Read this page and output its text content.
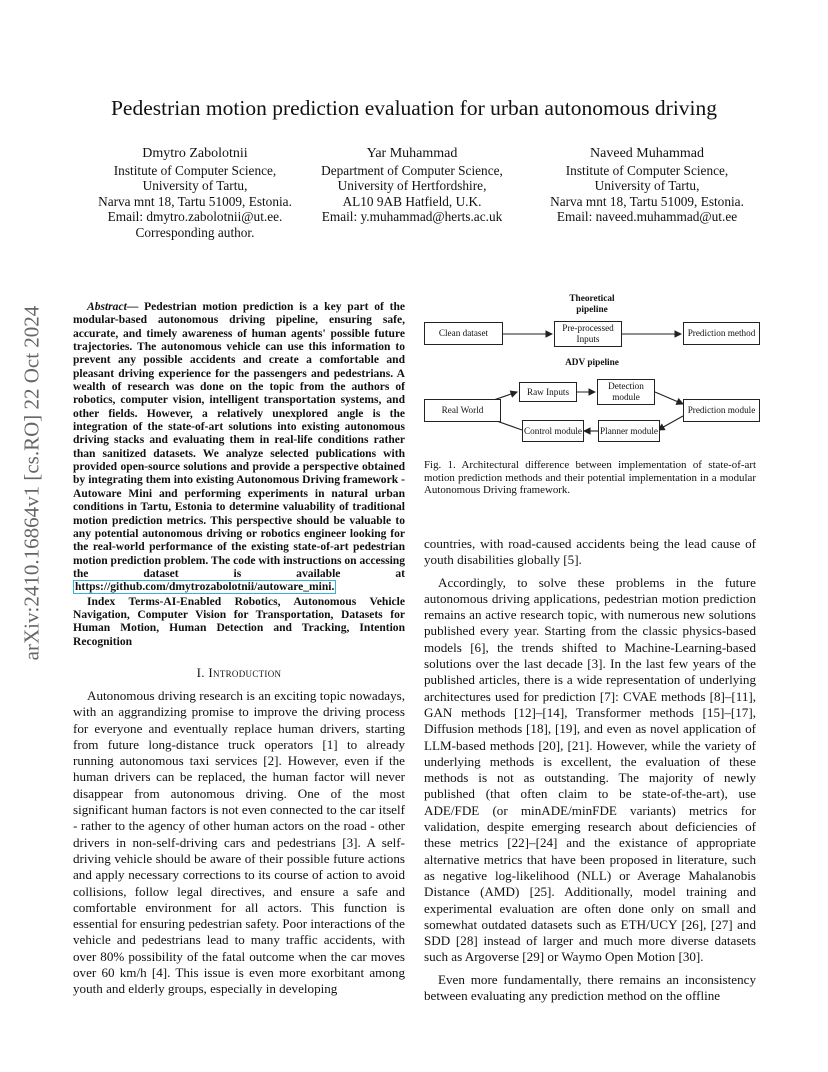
Pedestrian motion prediction evaluation for urban autonomous driving
Dmytro Zabolotnii
Institute of Computer Science,
University of Tartu,
Narva mnt 18, Tartu 51009, Estonia.
Email: dmytro.zabolotnii@ut.ee.
Corresponding author.
Yar Muhammad
Department of Computer Science,
University of Hertfordshire,
AL10 9AB Hatfield, U.K.
Email: y.muhammad@herts.ac.uk
Naveed Muhammad
Institute of Computer Science,
University of Tartu,
Narva mnt 18, Tartu 51009, Estonia.
Email: naveed.muhammad@ut.ee
arXiv:2410.16864v1 [cs.RO] 22 Oct 2024	Abstract— Pedestrian motion prediction is a key part of the modular-based autonomous driving pipeline, ensuring safe, accurate, and timely awareness of human agents' possible future trajectories. The autonomous vehicle can use this information to prevent any possible accidents and create a comfortable and pleasant driving experience for the passengers and pedestrians. A wealth of research was done on the topic from the authors of robotics, computer vision, intelligent transportation systems, and other fields. However, a relatively unexplored angle is the integration of the state-of-art solutions into existing autonomous driving stacks and evaluating them in real-life conditions rather than sanitized datasets. We analyze selected publications with provided open-source solutions and provide a perspective obtained by integrating them into existing Autonomous Driving framework - Autoware Mini and performing experiments in natural urban conditions in Tartu, Estonia to determine valuability of traditional motion prediction metrics. This perspective should be valuable to any potential autonomous driving or robotics engineer looking for the real-world performance of the existing state-of-art pedestrian motion prediction problem. The code with instructions on accessing the dataset is available at https://github.com/dmytrozabolotnii/autoware_mini.

Index Terms-AI-Enabled Robotics, Autonomous Vehicle Navigation, Computer Vision for Transportation, Datasets for Human Motion, Human Detection and Tracking, Intention Recognition

I. Introduction

Autonomous driving research is an exciting topic nowadays, with an aggrandizing promise to improve the driving process for everyone and eventually replace human drivers, starting from future long-distance truck operators [1] to already running autonomous taxi services [2]. However, even if the human drivers can be replaced, the human factor will never disappear from autonomous driving. One of the most significant human factors is not even connected to the car itself - rather to the agency of other human actors on the road - other drivers in non-self-driving cars and pedestrians [3]. A self-driving vehicle should be aware of their possible future actions and apply necessary corrections to its course of action to avoid collisions, follow legal directives, and ensure a safe and comfortable environment for all actors. This function is essential for ensuring pedestrian safety. Poor interactions of the vehicle and pedestrians lead to many traffic accidents, with over 80% possibility of the fatal outcome when the car moves over 60 km/h [4]. This issue is even more exorbitant among youth and elderly groups, especially in developing

Theoretical pipeline
Clean dataset	Pre-processed Inputs
Prediction method
ADV pipeline
Raw Inputs
Detection module
Real World	Prediction module
Control module Planner module
Fig. 1. Architectural difference between implementation of state-of-art motion prediction methods and their potential implementation in a modular Autonomous Driving framework.

countries, with road-caused accidents being the lead cause of youth disabilities globally [5].

Accordingly, to solve these problems in the future autonomous driving applications, pedestrian motion prediction remains an active research topic, with numerous new solutions published every year. Starting from the classic physics-based models [6], the trends shifted to Machine-Learning-based solutions over the last decade [3]. In the last few years of the published articles, there is a wide representation of underlying architectures used for prediction [7]: CVAE methods [8]–[11], GAN methods [12]–[14], Transformer methods [15]–[17], Diffusion methods [18], [19], and even as novel application of LLM-based methods [20], [21]. However, while the variety of underlying methods is excellent, the evaluation of these methods is not as outstanding. The majority of newly published (that often claim to be state-of-the-art), use ADE/FDE (or minADE/minFDE variants) metrics for validation, despite emerging research about deficiencies of these metrics [22]–[24] and the existance of appropriate alternative metrics that have been proposed in literature, such as negative log-likelihood (NLL) or Average Mahalanobis Distance (AMD) [25]. Additionally, model training and experimental evaluation are often done only on small and somewhat outdated datasets such as ETH/UCY [26], [27] and SDD [28] instead of larger and much more diverse datasets such as Argoverse [29] or Waymo Open Motion [30].

Even more fundamentally, there remains an inconsistency between evaluating any prediction method on the offline
